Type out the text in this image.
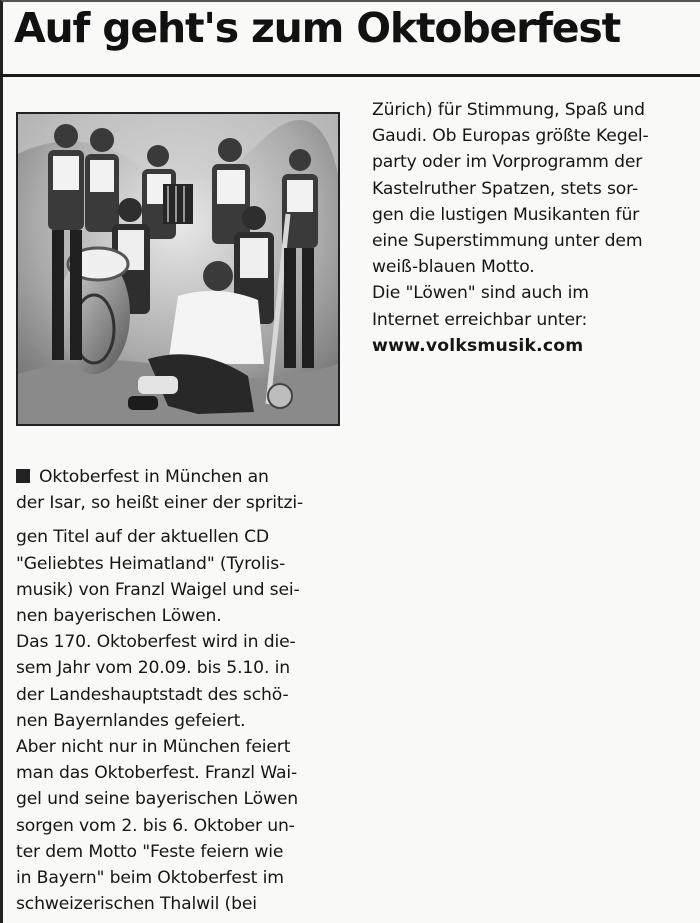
Auf geht's zum Oktoberfest
Oktoberfest in München an
der Isar, so heißt einer der spritzi-
gen Titel auf der aktuellen CD
"Geliebtes Heimatland" (Tyrolis-
musik) von Franzl Waigel und sei-
nen bayerischen Löwen.
Das 170. Oktoberfest wird in die-
sem Jahr vom 20.09. bis 5.10. in
der Landeshauptstadt des schö-
nen Bayernlandes gefeiert.
Aber nicht nur in München feiert
man das Oktoberfest. Franzl Wai-
gel und seine bayerischen Löwen
sorgen vom 2. bis 6. Oktober un-
ter dem Motto "Feste feiern wie
in Bayern" beim Oktoberfest im
schweizerischen Thalwil (bei
Zürich) für Stimmung, Spaß und
Gaudi. Ob Europas größte Kegel-
party oder im Vorprogramm der
Kastelruther Spatzen, stets sor-
gen die lustigen Musikanten für
eine Superstimmung unter dem
weiß-blauen Motto.
Die "Löwen" sind auch im
Internet erreichbar unter:
www.volksmusik.com
